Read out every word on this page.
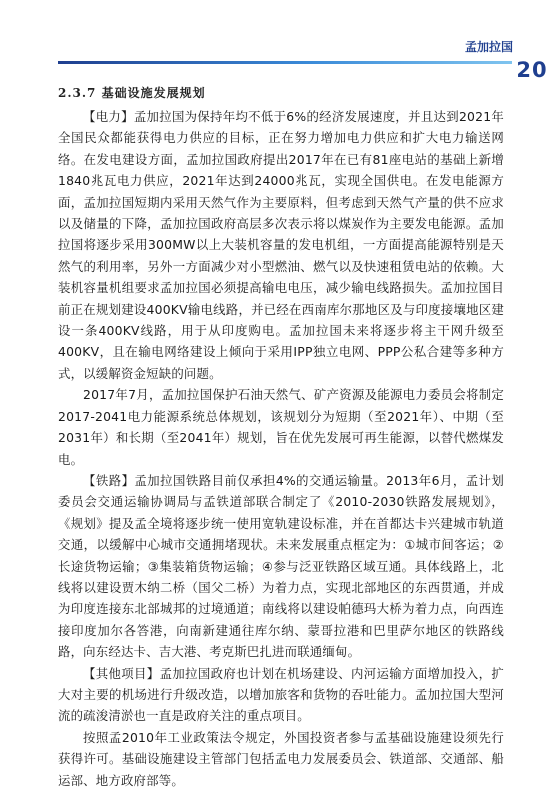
孟加拉国
20
2.3.7 基础设施发展规划

【电力】孟加拉国为保持年均不低于6%的经济发展速度，并且达到2021年全国民众都能获得电力供应的目标，正在努力增加电力供应和扩大电力输送网络。在发电建设方面，孟加拉国政府提出2017年在已有81座电站的基础上新增1840兆瓦电力供应，2021年达到24000兆瓦，实现全国供电。在发电能源方面，孟加拉国短期内采用天然气作为主要原料，但考虑到天然气产量的供不应求以及储量的下降，孟加拉国政府高层多次表示将以煤炭作为主要发电能源。孟加拉国将逐步采用300MW以上大装机容量的发电机组，一方面提高能源特别是天然气的利用率，另外一方面减少对小型燃油、燃气以及快速租赁电站的依赖。大装机容量机组要求孟加拉国必须提高输电电压，减少输电线路损失。孟加拉国目前正在规划建设400KV输电线路，并已经在西南库尔那地区及与印度接壤地区建设一条400KV线路，用于从印度购电。孟加拉国未来将逐步将主干网升级至400KV，且在输电网络建设上倾向于采用IPP独立电网、PPP公私合建等多种方式，以缓解资金短缺的问题。

2017年7月，孟加拉国保护石油天然气、矿产资源及能源电力委员会将制定2017-2041电力能源系统总体规划，该规划分为短期（至2021年）、中期（至2031年）和长期（至2041年）规划，旨在优先发展可再生能源，以替代燃煤发电。

【铁路】孟加拉国铁路目前仅承担4%的交通运输量。2013年6月，孟计划委员会交通运输协调局与孟铁道部联合制定了《2010-2030铁路发展规划》，《规划》提及孟全境将逐步统一使用宽轨建设标准，并在首都达卡兴建城市轨道交通，以缓解中心城市交通拥堵现状。未来发展重点框定为：①城市间客运；②长途货物运输；③集装箱货物运输；④参与泛亚铁路区域互通。具体线路上，北线将以建设贾木纳二桥（国父二桥）为着力点，实现北部地区的东西贯通，并成为印度连接东北部城邦的过境通道；南线将以建设帕德玛大桥为着力点，向西连接印度加尔各答港，向南新建通往库尔纳、蒙哥拉港和巴里萨尔地区的铁路线路，向东经达卡、吉大港、考克斯巴扎进而联通缅甸。

【其他项目】孟加拉国政府也计划在机场建设、内河运输方面增加投入，扩大对主要的机场进行升级改造，以增加旅客和货物的吞吐能力。孟加拉国大型河流的疏浚清淤也一直是政府关注的重点项目。

按照孟2010年工业政策法令规定，外国投资者参与孟基础设施建设须先行获得许可。基础设施建设主管部门包括孟电力发展委员会、铁道部、交通部、船运部、地方政府部等。
